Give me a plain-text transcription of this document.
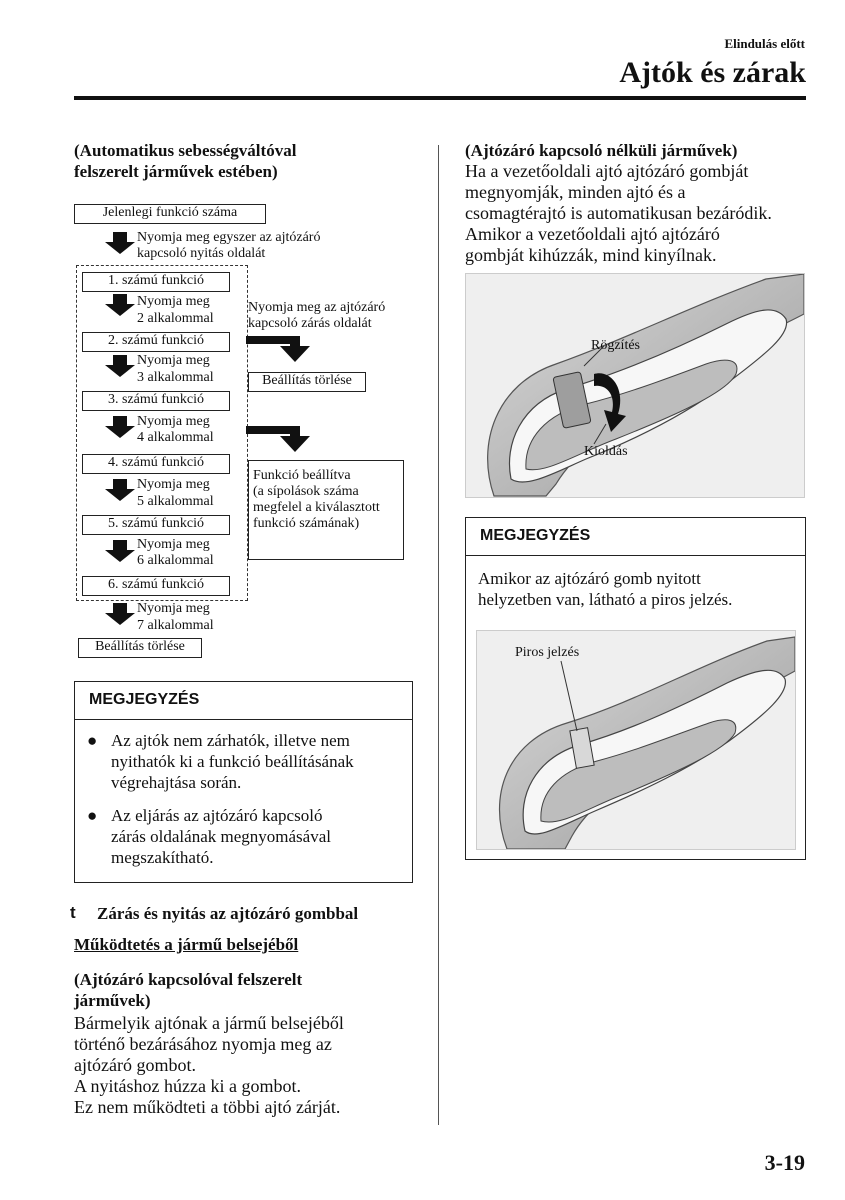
Elindulás előtt
Ajtók és zárak
(Automatikus sebességváltóval
felszerelt járművek estében)
Jelenlegi funkció száma
Nyomja meg egyszer az ajtózáró
kapcsoló nyitás oldalát
1. számú funkció
2. számú funkció
3. számú funkció
4. számú funkció
5. számú funkció
6. számú funkció
Nyomja meg
2 alkalommal
Nyomja meg
3 alkalommal
Nyomja meg
4 alkalommal
Nyomja meg
5 alkalommal
Nyomja meg
6 alkalommal
Nyomja meg
7 alkalommal
Nyomja meg az ajtózáró
kapcsoló zárás oldalát
Beállítás törlése
Funkció beállítva
(a sípolások száma
megfelel a kiválasztott
funkció számának)
Beállítás törlése
MEGJEGYZÉS
● Az ajtók nem zárhatók, illetve nem
nyithatók ki a funkció beállításának
végrehajtása során.
● Az eljárás az ajtózáró kapcsoló
zárás oldalának megnyomásával
megszakítható.
t Zárás és nyitás az ajtózáró gombbal
Működtetés a jármű belsejéből
(Ajtózáró kapcsolóval felszerelt
járművek)
Bármelyik ajtónak a jármű belsejéből
történő bezárásához nyomja meg az
ajtózáró gombot.
A nyitáshoz húzza ki a gombot.
Ez nem működteti a többi ajtó zárját.
(Ajtózáró kapcsoló nélküli járművek)
Ha a vezetőoldali ajtó ajtózáró gombját
megnyomják, minden ajtó és a
csomagtérajtó is automatikusan bezáródik.
Amikor a vezetőoldali ajtó ajtózáró
gombját kihúzzák, mind kinyílnak.
Rögzítés
Kioldás
MEGJEGYZÉS
Amikor az ajtózáró gomb nyitott
helyzetben van, látható a piros jelzés.
Piros jelzés
3-19
